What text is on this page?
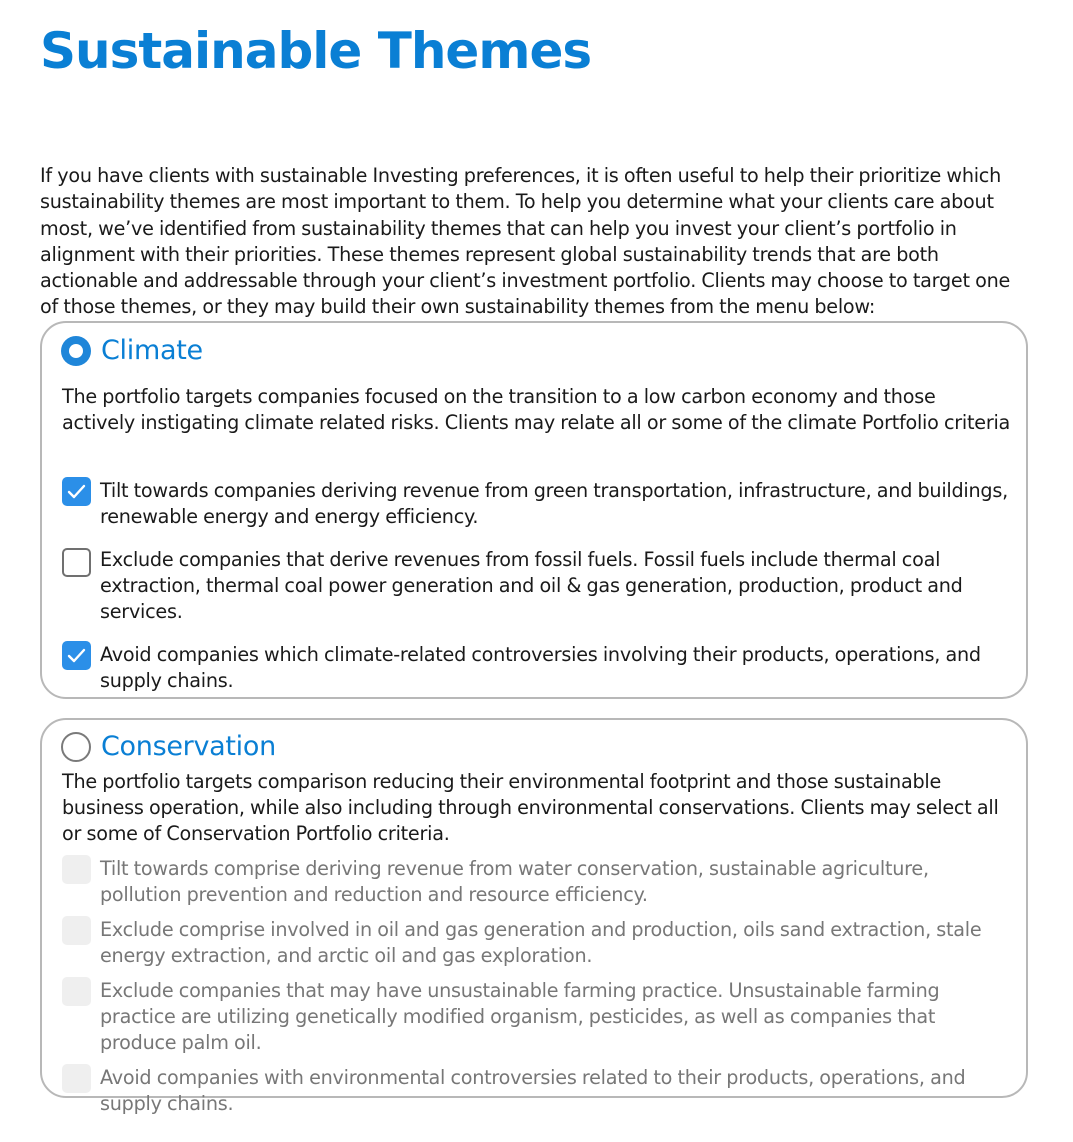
Sustainable Themes

If you have clients with sustainable Investing preferences, it is often useful to help their prioritize which sustainability themes are most important to them. To help you determine what your clients care about most, we’ve identified from sustainability themes that can help you invest your client’s portfolio in alignment with their priorities. These themes represent global sustainability trends that are both actionable and addressable through your client’s investment portfolio. Clients may choose to target one of those themes, or they may build their own sustainability themes from the menu below:

Climate

The portfolio targets companies focused on the transition to a low carbon economy and those actively instigating climate related risks. Clients may relate all or some of the climate Portfolio criteria

Tilt towards companies deriving revenue from green transportation, infrastructure, and buildings, renewable energy and energy efficiency.
Exclude companies that derive revenues from fossil fuels. Fossil fuels include thermal coal extraction, thermal coal power generation and oil & gas generation, production, product and services.
Avoid companies which climate-related controversies involving their products, operations, and supply chains.
Conservation

The portfolio targets comparison reducing their environmental footprint and those sustainable business operation, while also including through environmental conservations. Clients may select all or some of Conservation Portfolio criteria.

Tilt towards comprise deriving revenue from water conservation, sustainable agriculture, pollution prevention and reduction and resource efficiency.
Exclude comprise involved in oil and gas generation and production, oils sand extraction, stale energy extraction, and arctic oil and gas exploration.
Exclude companies that may have unsustainable farming practice. Unsustainable farming practice are utilizing genetically modified organism, pesticides, as well as companies that produce palm oil.
Avoid companies with environmental controversies related to their products, operations, and supply chains.
